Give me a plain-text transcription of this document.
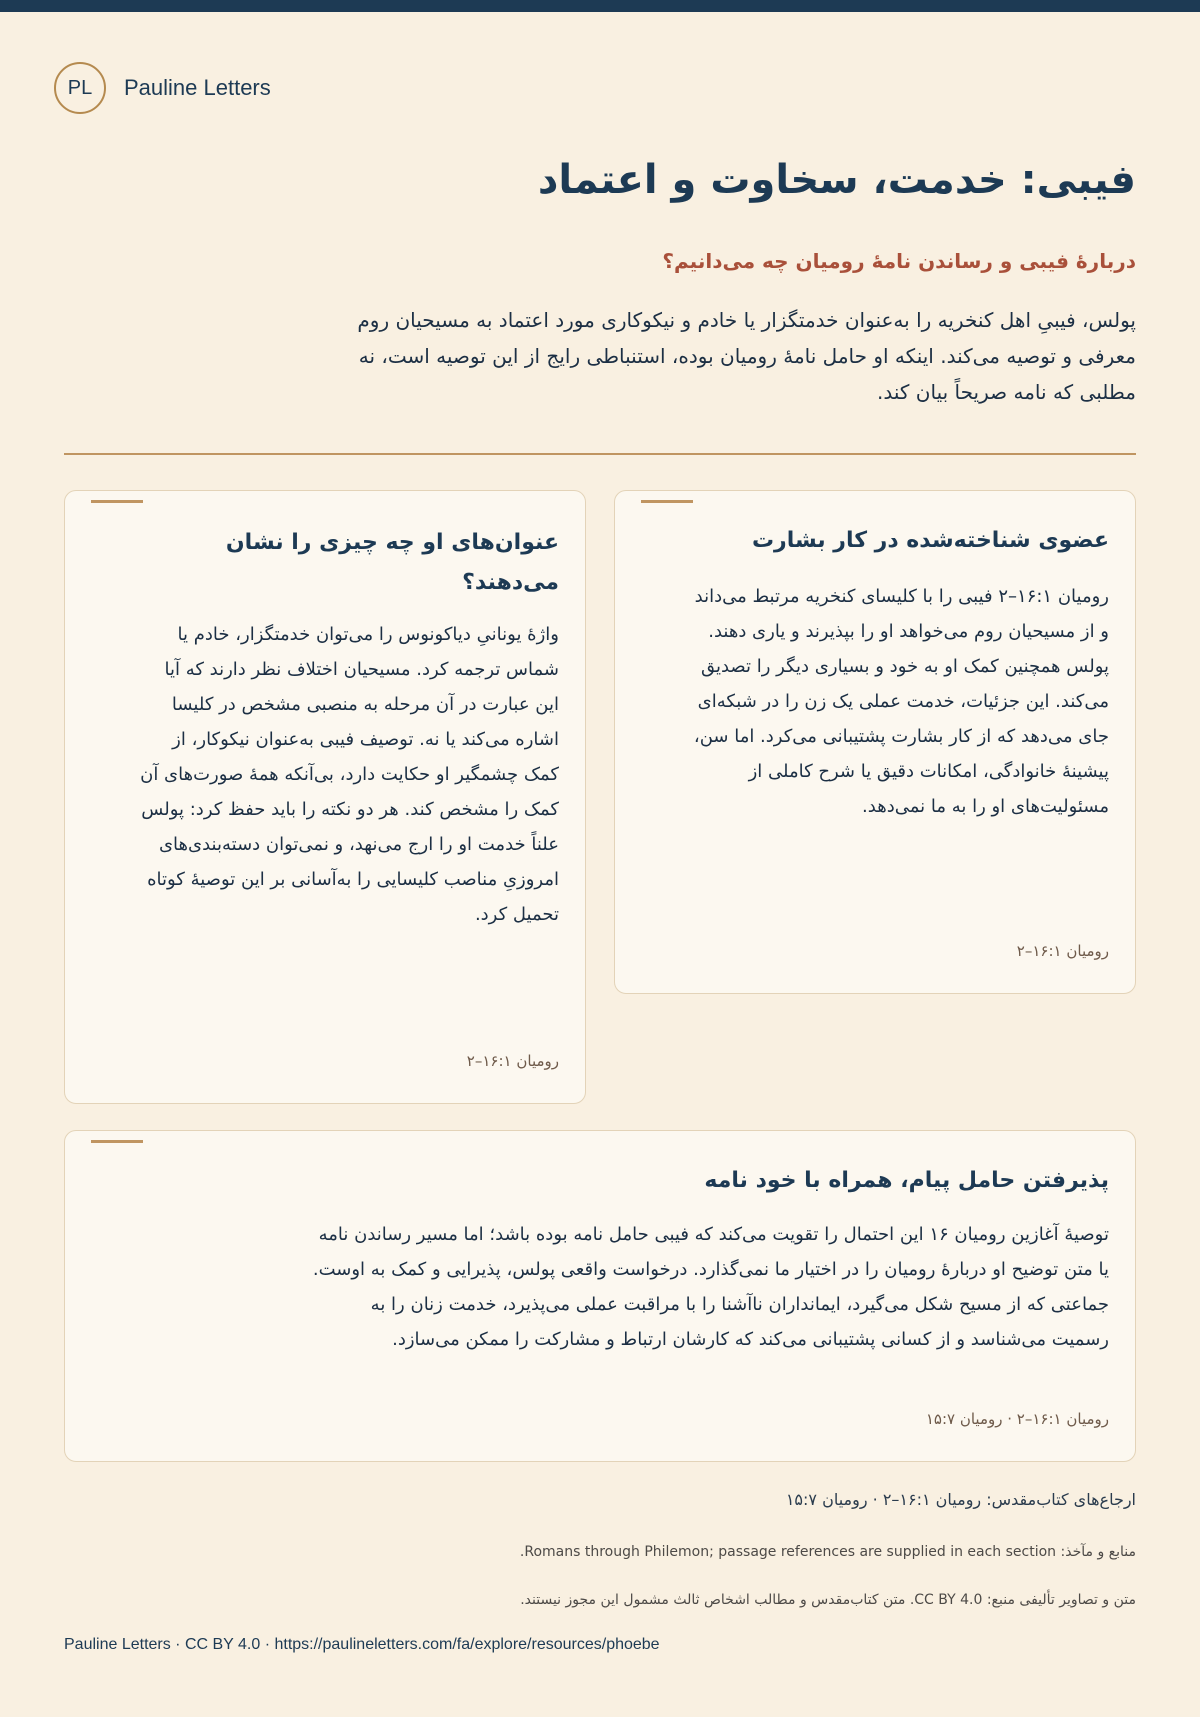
PL	Pauline Letters
فیبی: خدمت، سخاوت و اعتماد
دربارهٔ فیبی و رساندن نامهٔ رومیان چه می‌دانیم؟

پولس، فیبیِ اهل کنخریه را به‌عنوان خدمتگزار یا خادم و نیکوکاری مورد اعتماد به مسیحیان روم معرفی و توصیه می‌کند. اینکه او حامل نامهٔ رومیان بوده، استنباطی رایج از این توصیه است، نه مطلبی که نامه صریحاً بیان کند.

عضوی شناخته‌شده در کار بشارت
رومیان ۱۶:۱–۲ فیبی را با کلیسای کنخریه مرتبط می‌داند و از مسیحیان روم می‌خواهد او را بپذیرند و یاری دهند. پولس همچنین کمک او به خود و بسیاری دیگر را تصدیق می‌کند. این جزئیات، خدمت عملی یک زن را در شبکه‌ای جای می‌دهد که از کار بشارت پشتیبانی می‌کرد. اما سن، پیشینهٔ خانوادگی، امکانات دقیق یا شرح کاملی از مسئولیت‌های او را به ما نمی‌دهد.
رومیان ۱۶:۱–۲
عنوان‌های او چه چیزی را نشان می‌دهند؟
واژهٔ یونانیِ دیاکونوس را می‌توان خدمتگزار، خادم یا شماس ترجمه کرد. مسیحیان اختلاف نظر دارند که آیا این عبارت در آن مرحله به منصبی مشخص در کلیسا اشاره می‌کند یا نه. توصیف فیبی به‌عنوان نیکوکار، از کمک چشمگیر او حکایت دارد، بی‌آنکه همهٔ صورت‌های آن کمک را مشخص کند. هر دو نکته را باید حفظ کرد: پولس علناً خدمت او را ارج می‌نهد، و نمی‌توان دسته‌بندی‌های امروزیِ مناصب کلیسایی را به‌آسانی بر این توصیهٔ کوتاه تحمیل کرد.
رومیان ۱۶:۱–۲
پذیرفتن حامل پیام، همراه با خود نامه
توصیهٔ آغازین رومیان ۱۶ این احتمال را تقویت می‌کند که فیبی حامل نامه بوده باشد؛ اما مسیر رساندن نامه یا متن توضیح او دربارهٔ رومیان را در اختیار ما نمی‌گذارد. درخواست واقعی پولس، پذیرایی و کمک به اوست. جماعتی که از مسیح شکل می‌گیرد، ایمانداران ناآشنا را با مراقبت عملی می‌پذیرد، خدمت زنان را به رسمیت می‌شناسد و از کسانی پشتیبانی می‌کند که کارشان ارتباط و مشارکت را ممکن می‌سازد.
رومیان ۱۶:۱–۲ · رومیان ۱۵:۷
ارجاع‌های کتاب‌مقدس: رومیان ۱۶:۱–۲ · رومیان ۱۵:۷
منابع و مآخذ: Romans through Philemon; passage references are supplied in each section.
متن و تصاویر تألیفی منبع: CC BY 4.0. متن کتاب‌مقدس و مطالب اشخاص ثالث مشمول این مجوز نیستند.
Pauline Letters · CC BY 4.0 · https://paulineletters.com/fa/explore/resources/phoebe
